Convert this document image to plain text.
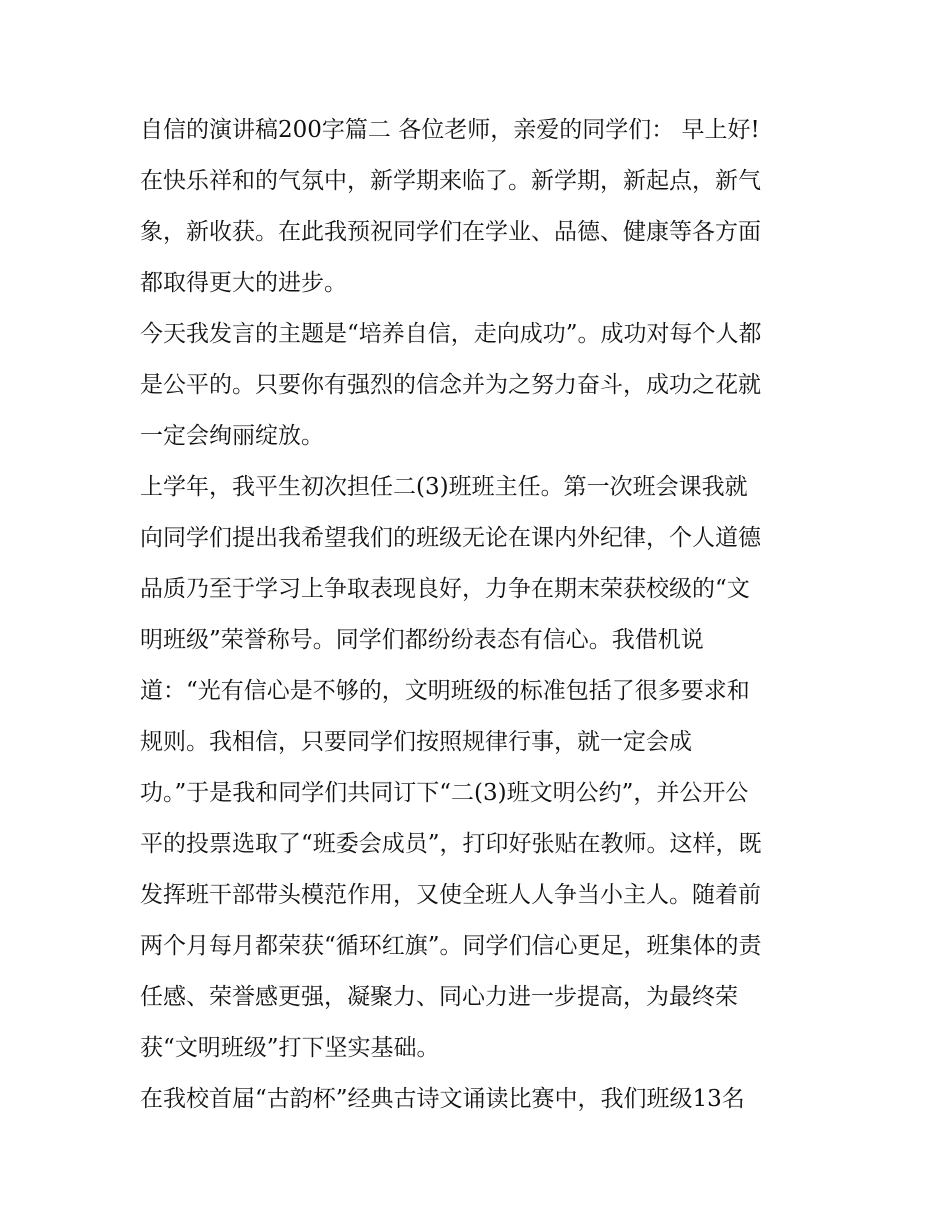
自信的演讲稿200字篇二 各位老师，亲爱的同学们： 早上好!
在快乐祥和的气氛中，新学期来临了。新学期，新起点，新气
象，新收获。在此我预祝同学们在学业、品德、健康等各方面
都取得更大的进步。
今天我发言的主题是“培养自信，走向成功”。成功对每个人都
是公平的。只要你有强烈的信念并为之努力奋斗，成功之花就
一定会绚丽绽放。
上学年，我平生初次担任二(3)班班主任。第一次班会课我就
向同学们提出我希望我们的班级无论在课内外纪律，个人道德
品质乃至于学习上争取表现良好，力争在期末荣获校级的“文
明班级”荣誉称号。同学们都纷纷表态有信心。我借机说
道：“光有信心是不够的，文明班级的标准包括了很多要求和
规则。我相信，只要同学们按照规律行事，就一定会成
功。”于是我和同学们共同订下“二(3)班文明公约”，并公开公
平的投票选取了“班委会成员”，打印好张贴在教师。这样，既
发挥班干部带头模范作用，又使全班人人争当小主人。随着前
两个月每月都荣获“循环红旗”。同学们信心更足，班集体的责
任感、荣誉感更强，凝聚力、同心力进一步提高，为最终荣
获“文明班级”打下坚实基础。
在我校首届“古韵杯”经典古诗文诵读比赛中，我们班级13名
